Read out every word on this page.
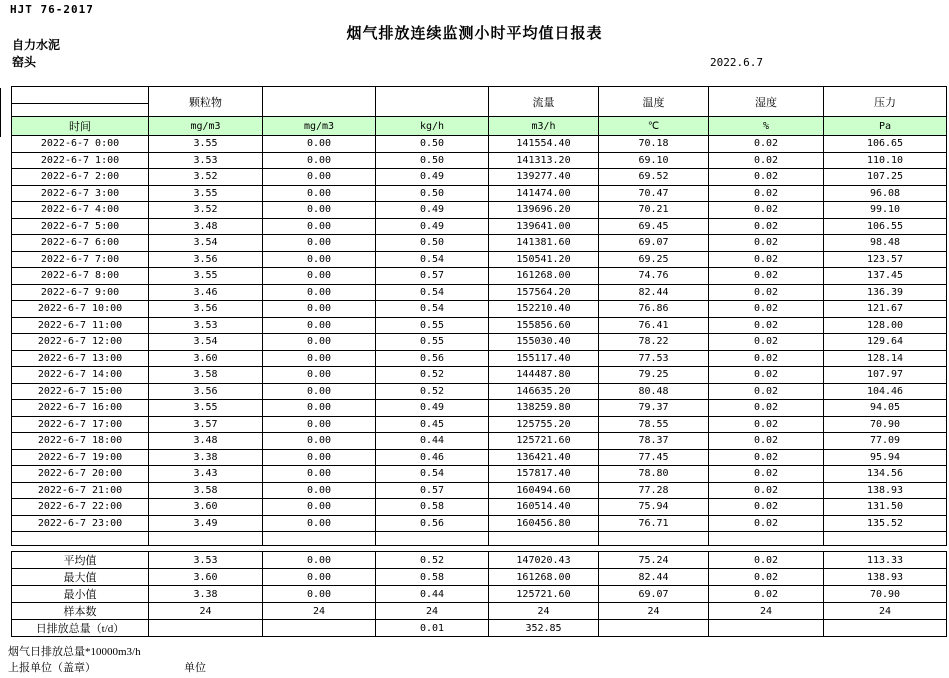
HJT 76-2017
烟气排放连续监测小时平均值日报表
自力水泥
窑头	2022.6.7
	颗粒物			流量	温度	湿度	压力

时间	mg/m3	mg/m3	kg/h	m3/h	℃	%	Pa
2022-6-7 0:00	3.55	0.00	0.50	141554.40	70.18	0.02	106.65
2022-6-7 1:00	3.53	0.00	0.50	141313.20	69.10	0.02	110.10
2022-6-7 2:00	3.52	0.00	0.49	139277.40	69.52	0.02	107.25
2022-6-7 3:00	3.55	0.00	0.50	141474.00	70.47	0.02	96.08
2022-6-7 4:00	3.52	0.00	0.49	139696.20	70.21	0.02	99.10
2022-6-7 5:00	3.48	0.00	0.49	139641.00	69.45	0.02	106.55
2022-6-7 6:00	3.54	0.00	0.50	141381.60	69.07	0.02	98.48
2022-6-7 7:00	3.56	0.00	0.54	150541.20	69.25	0.02	123.57
2022-6-7 8:00	3.55	0.00	0.57	161268.00	74.76	0.02	137.45
2022-6-7 9:00	3.46	0.00	0.54	157564.20	82.44	0.02	136.39
2022-6-7 10:00	3.56	0.00	0.54	152210.40	76.86	0.02	121.67
2022-6-7 11:00	3.53	0.00	0.55	155856.60	76.41	0.02	128.00
2022-6-7 12:00	3.54	0.00	0.55	155030.40	78.22	0.02	129.64
2022-6-7 13:00	3.60	0.00	0.56	155117.40	77.53	0.02	128.14
2022-6-7 14:00	3.58	0.00	0.52	144487.80	79.25	0.02	107.97
2022-6-7 15:00	3.56	0.00	0.52	146635.20	80.48	0.02	104.46
2022-6-7 16:00	3.55	0.00	0.49	138259.80	79.37	0.02	94.05
2022-6-7 17:00	3.57	0.00	0.45	125755.20	78.55	0.02	70.90
2022-6-7 18:00	3.48	0.00	0.44	125721.60	78.37	0.02	77.09
2022-6-7 19:00	3.38	0.00	0.46	136421.40	77.45	0.02	95.94
2022-6-7 20:00	3.43	0.00	0.54	157817.40	78.80	0.02	134.56
2022-6-7 21:00	3.58	0.00	0.57	160494.60	77.28	0.02	138.93
2022-6-7 22:00	3.60	0.00	0.58	160514.40	75.94	0.02	131.50
2022-6-7 23:00	3.49	0.00	0.56	160456.80	76.71	0.02	135.52

平均值	3.53	0.00	0.52	147020.43	75.24	0.02	113.33
最大值	3.60	0.00	0.58	161268.00	82.44	0.02	138.93
最小值	3.38	0.00	0.44	125721.60	69.07	0.02	70.90
样本数	24	24	24	24	24	24	24
日排放总量（t/d）			0.01	352.85			
烟气日排放总量*10000m3/h
上报单位（盖章）	单位
